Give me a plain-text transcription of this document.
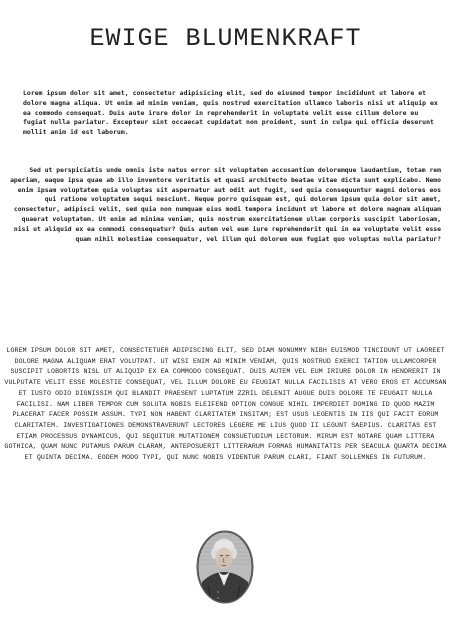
EWIGE BLUMENKRAFT

Lorem ipsum dolor sit amet, consectetur adipisicing elit, sed do eiusmod tempor incididunt ut labore et dolore magna aliqua. Ut enim ad minim veniam, quis nostrud exercitation ullamco laboris nisi ut aliquip ex ea commodo consequat. Duis aute irure dolor in reprehenderit in voluptate velit esse cillum dolore eu fugiat nulla pariatur. Excepteur sint occaecat cupidatat non proident, sunt in culpa qui officia deserunt mollit anim id est laborum.

Sed ut perspiciatis unde omnis iste natus error sit voluptatem accusantium doloremque laudantium, totam rem aperiam, eaque ipsa quae ab illo inventore veritatis et quasi architecto beatae vitae dicta sunt explicabo. Nemo enim ipsam voluptatem quia voluptas sit aspernatur aut odit aut fugit, sed quia consequuntur magni dolores eos qui ratione voluptatem sequi nesciunt. Neque porro quisquam est, qui dolorem ipsum quia dolor sit amet, consectetur, adipisci velit, sed quia non numquam eius modi tempora incidunt ut labore et dolore magnam aliquam quaerat voluptatem. Ut enim ad minima veniam, quis nostrum exercitationem ullam corporis suscipit laboriosam, nisi ut aliquid ex ea commodi consequatur? Quis autem vel eum iure reprehenderit qui in ea voluptate velit esse quam nihil molestiae consequatur, vel illum qui dolorem eum fugiat quo voluptas nulla pariatur?

LOREM IPSUM DOLOR SIT AMET, CONSECTETUER ADIPISCING ELIT, SED DIAM NONUMMY NIBH EUISMOD TINCIDUNT UT LAOREET DOLORE MAGNA ALIQUAM ERAT VOLUTPAT. UT WISI ENIM AD MINIM VENIAM, QUIS NOSTRUD EXERCI TATION ULLAMCORPER SUSCIPIT LOBORTIS NISL UT ALIQUIP EX EA COMMODO CONSEQUAT. DUIS AUTEM VEL EUM IRIURE DOLOR IN HENDRERIT IN VULPUTATE VELIT ESSE MOLESTIE CONSEQUAT, VEL ILLUM DOLORE EU FEUGIAT NULLA FACILISIS AT VERO EROS ET ACCUMSAN ET IUSTO ODIO DIGNISSIM QUI BLANDIT PRAESENT LUPTATUM ZZRIL DELENIT AUGUE DUIS DOLORE TE FEUGAIT NULLA FACILISI. NAM LIBER TEMPOR CUM SOLUTA NOBIS ELEIFEND OPTION CONGUE NIHIL IMPERDIET DOMING ID QUOD MAZIM PLACERAT FACER POSSIM ASSUM. TYPI NON HABENT CLARITATEM INSITAM; EST USUS LEGENTIS IN IIS QUI FACIT EORUM CLARITATEM. INVESTIGATIONES DEMONSTRAVERUNT LECTORES LEGERE ME LIUS QUOD II LEGUNT SAEPIUS. CLARITAS EST ETIAM PROCESSUS DYNAMICUS, QUI SEQUITUR MUTATIONEM CONSUETUDIUM LECTORUM. MIRUM EST NOTARE QUAM LITTERA GOTHICA, QUAM NUNC PUTAMUS PARUM CLARAM, ANTEPOSUERIT LITTERARUM FORMAS HUMANITATIS PER SEACULA QUARTA DECIMA ET QUINTA DECIMA. EODEM MODO TYPI, QUI NUNC NOBIS VIDENTUR PARUM CLARI, FIANT SOLLEMNES IN FUTURUM.
